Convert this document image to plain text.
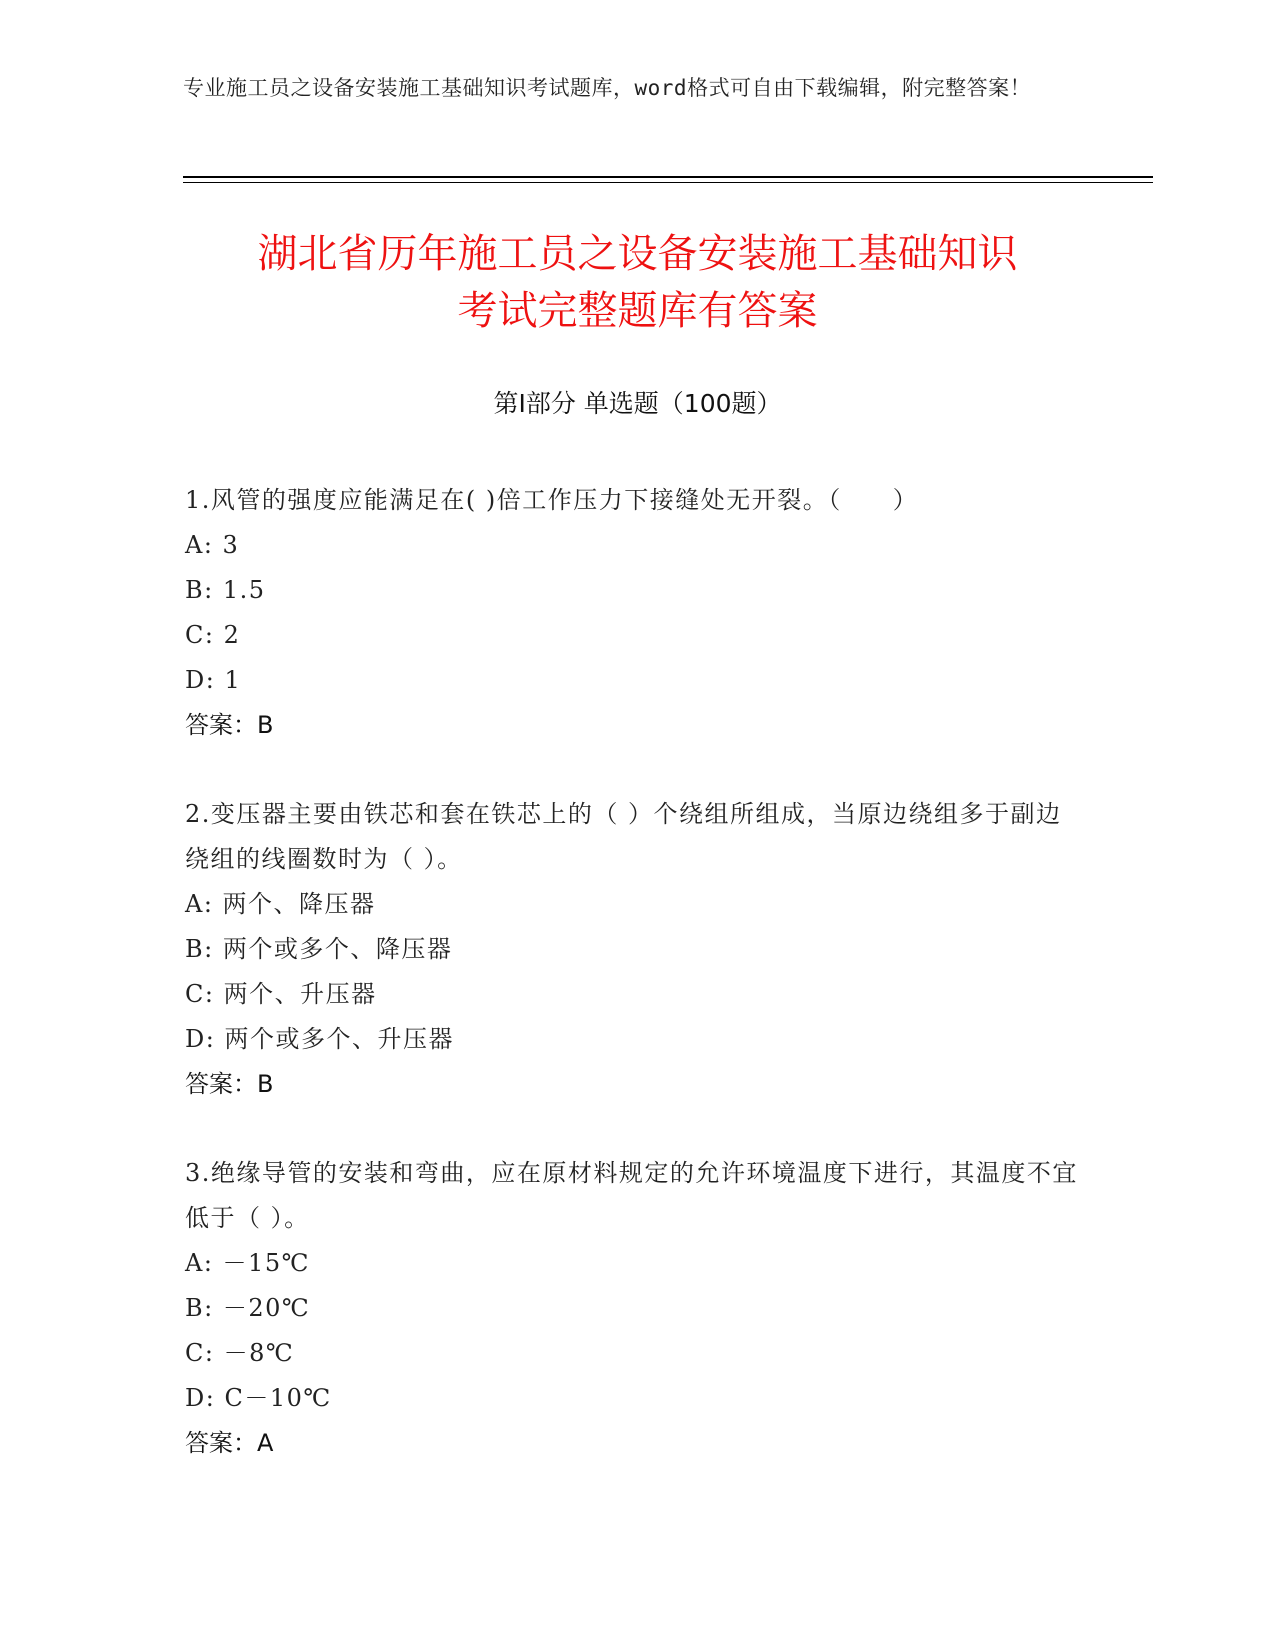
专业施工员之设备安装施工基础知识考试题库，word格式可自由下载编辑，附完整答案！
湖北省历年施工员之设备安装施工基础知识
考试完整题库有答案
第Ⅰ部分 单选题（100题）
1.风管的强度应能满足在( )倍工作压力下接缝处无开裂。（　　）
A: 3
B: 1.5
C: 2
D: 1
答案：B
2.变压器主要由铁芯和套在铁芯上的（ ）个绕组所组成，当原边绕组多于副边绕组的线圈数时为（ ）。
A: 两个、降压器
B: 两个或多个、降压器
C: 两个、升压器
D: 两个或多个、升压器
答案：B
3.绝缘导管的安装和弯曲，应在原材料规定的允许环境温度下进行，其温度不宜低于（ ）。
A: －15℃
B: －20℃
C: －8℃
D: C－10℃
答案：A
